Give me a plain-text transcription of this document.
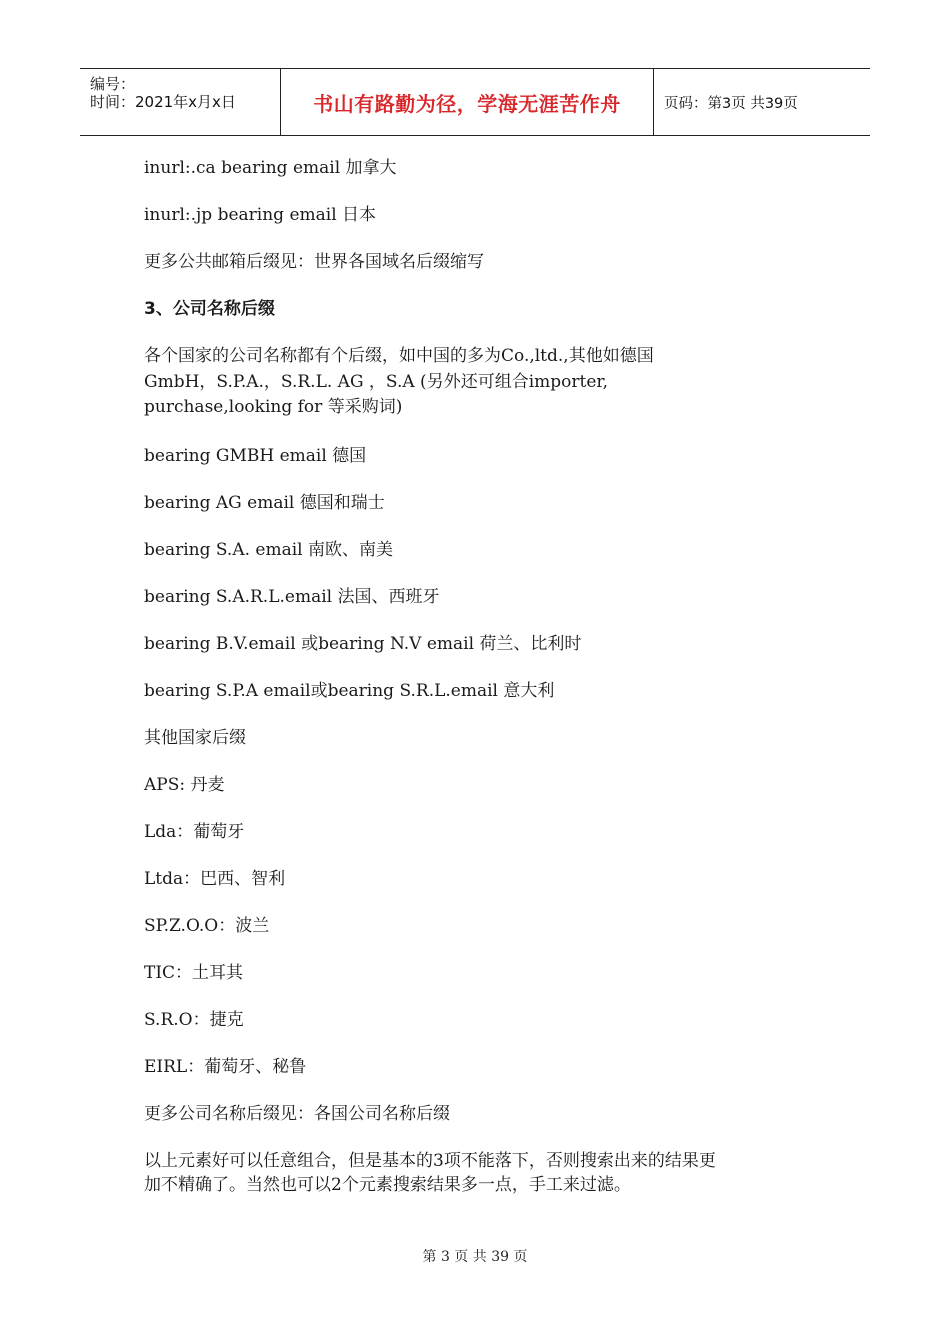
编号：
时间：2021年x月x日	书山有路勤为径，学海无涯苦作舟	页码：第3页 共39页

inurl:.ca bearing email 加拿大

inurl:.jp bearing email 日本

更多公共邮箱后缀见：世界各国域名后缀缩写

3、公司名称后缀

各个国家的公司名称都有个后缀，如中国的多为Co.,ltd.,其他如德国
GmbH，S.P.A.，S.R.L. AG ，S.A (另外还可组合importer,
purchase,looking for 等采购词)

bearing GMBH email 德国

bearing AG email 德国和瑞士

bearing S.A. email 南欧、南美

bearing S.A.R.L.email 法国、西班牙

bearing B.V.email 或bearing N.V email 荷兰、比利时

bearing S.P.A email或bearing S.R.L.email 意大利

其他国家后缀

APS: 丹麦

Lda：葡萄牙

Ltda：巴西、智利

SP.Z.O.O：波兰

TIC：土耳其

S.R.O：捷克

EIRL：葡萄牙、秘鲁

更多公司名称后缀见：各国公司名称后缀

以上元素好可以任意组合，但是基本的3项不能落下，否则搜索出来的结果更
加不精确了。当然也可以2个元素搜索结果多一点，手工来过滤。

第 3 页 共 39 页
